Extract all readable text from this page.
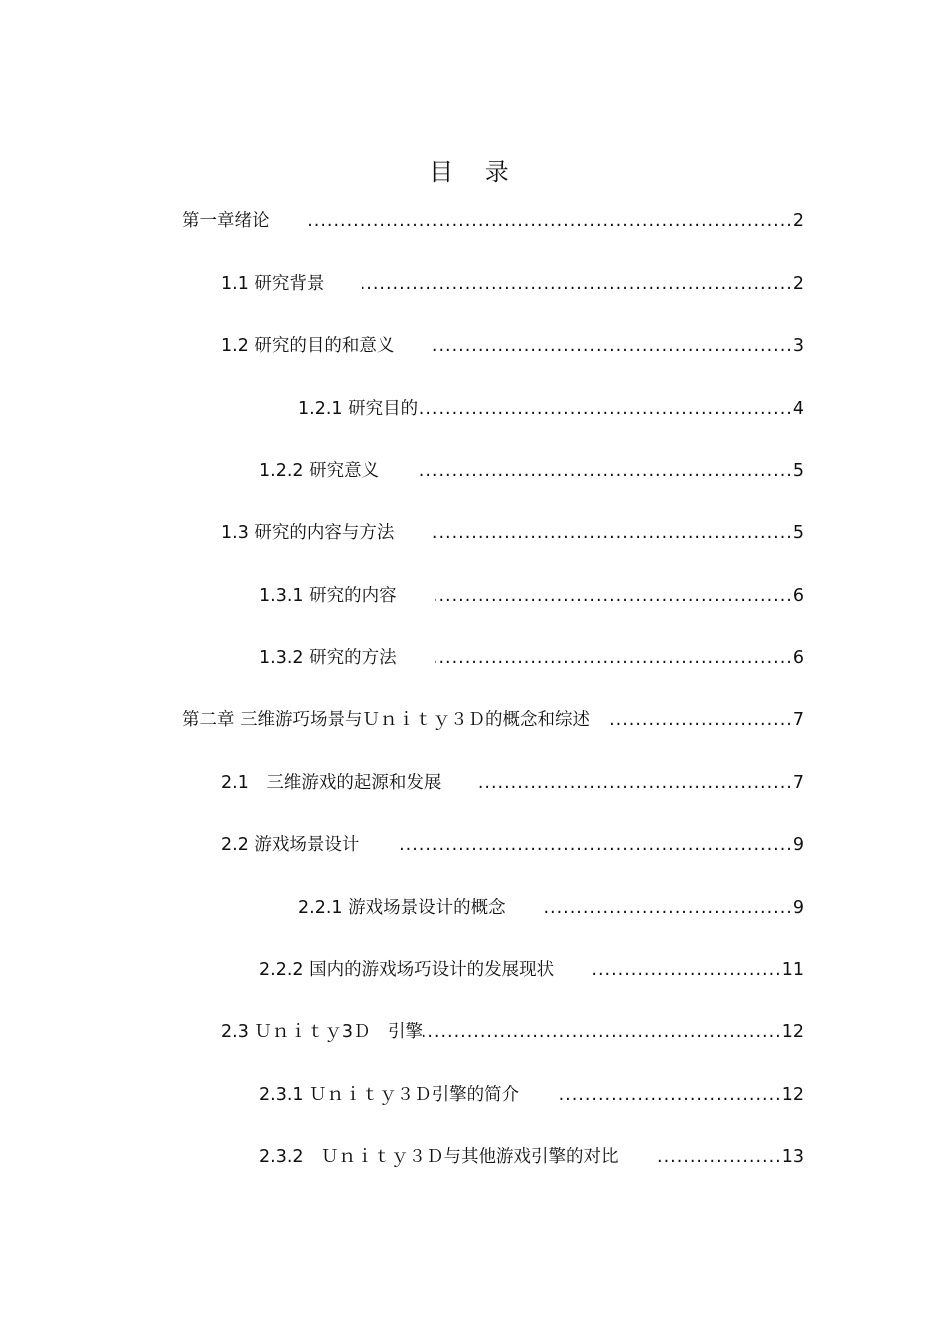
目 录
第一章绪论 .....	2
1.1 研究背景 .....	2
1.2 研究的目的和意义 .....	3
1.2.1 研究目的 .....	4
1.2.2 研究意义 .....	5
1.3 研究的内容与方法 .....	5
1.3.1 研究的内容 .....	6
1.3.2 研究的方法 .....	6
第二章 三维游巧场景与Ｕｎｉｔｙ３Ｄ的概念和综述 .....	7
2.1　三维游戏的起源和发展 .....	7
2.2 游戏场景设计 .....	9
2.2.1 游戏场景设计的概念 .....	9
2.2.2 国内的游戏场巧设计的发展现状 .....	11
2.3 Ｕｎｉｔｙ3Ｄ　引擎 .....	12
2.3.1 Ｕｎｉｔｙ３Ｄ引擎的简介 .....	12
2.3.2　Ｕｎｉｔｙ３Ｄ与其他游戏引擎的对比 .....	13
